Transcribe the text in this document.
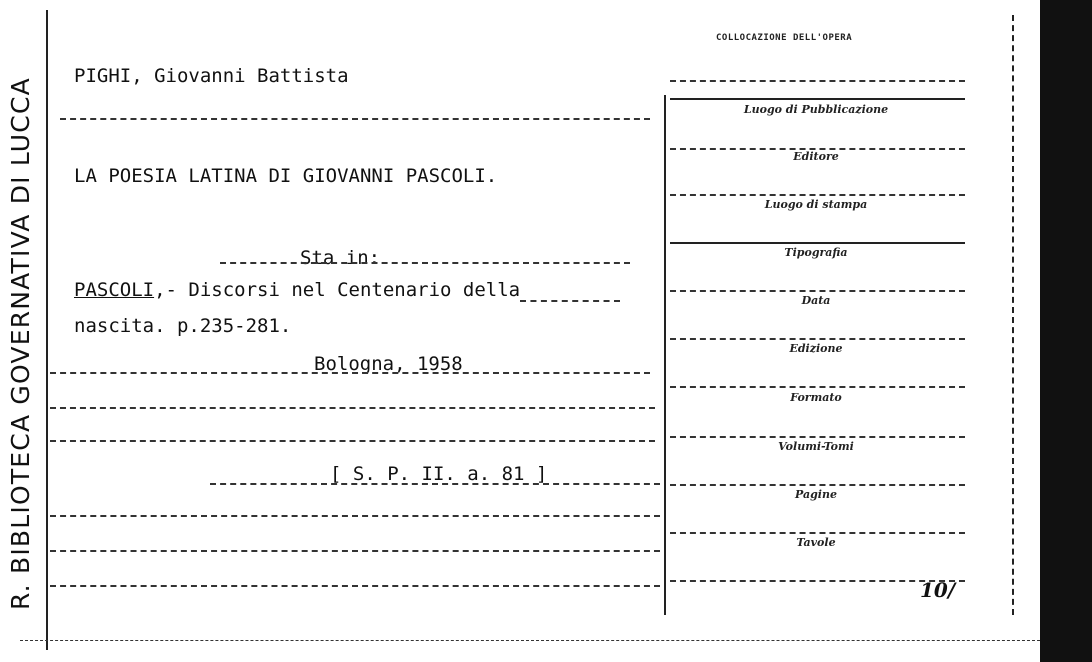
R. BIBLIOTECA GOVERNATIVA DI LUCCA
COLLOCAZIONE DELL'OPERA
PIGHI, Giovanni Battista
LA POESIA LATINA DI GIOVANNI PASCOLI.
Sta in:
PASCOLI,- Discorsi nel Centenario della
nascita. p.235-281.
Bologna, 1958
[ S. P. II. a. 81 ]
Luogo di Pubblicazione
Editore
Luogo di stampa
Tipografia
Data
Edizione
Formato
Volumi-Tomi
Pagine
Tavole
10/
